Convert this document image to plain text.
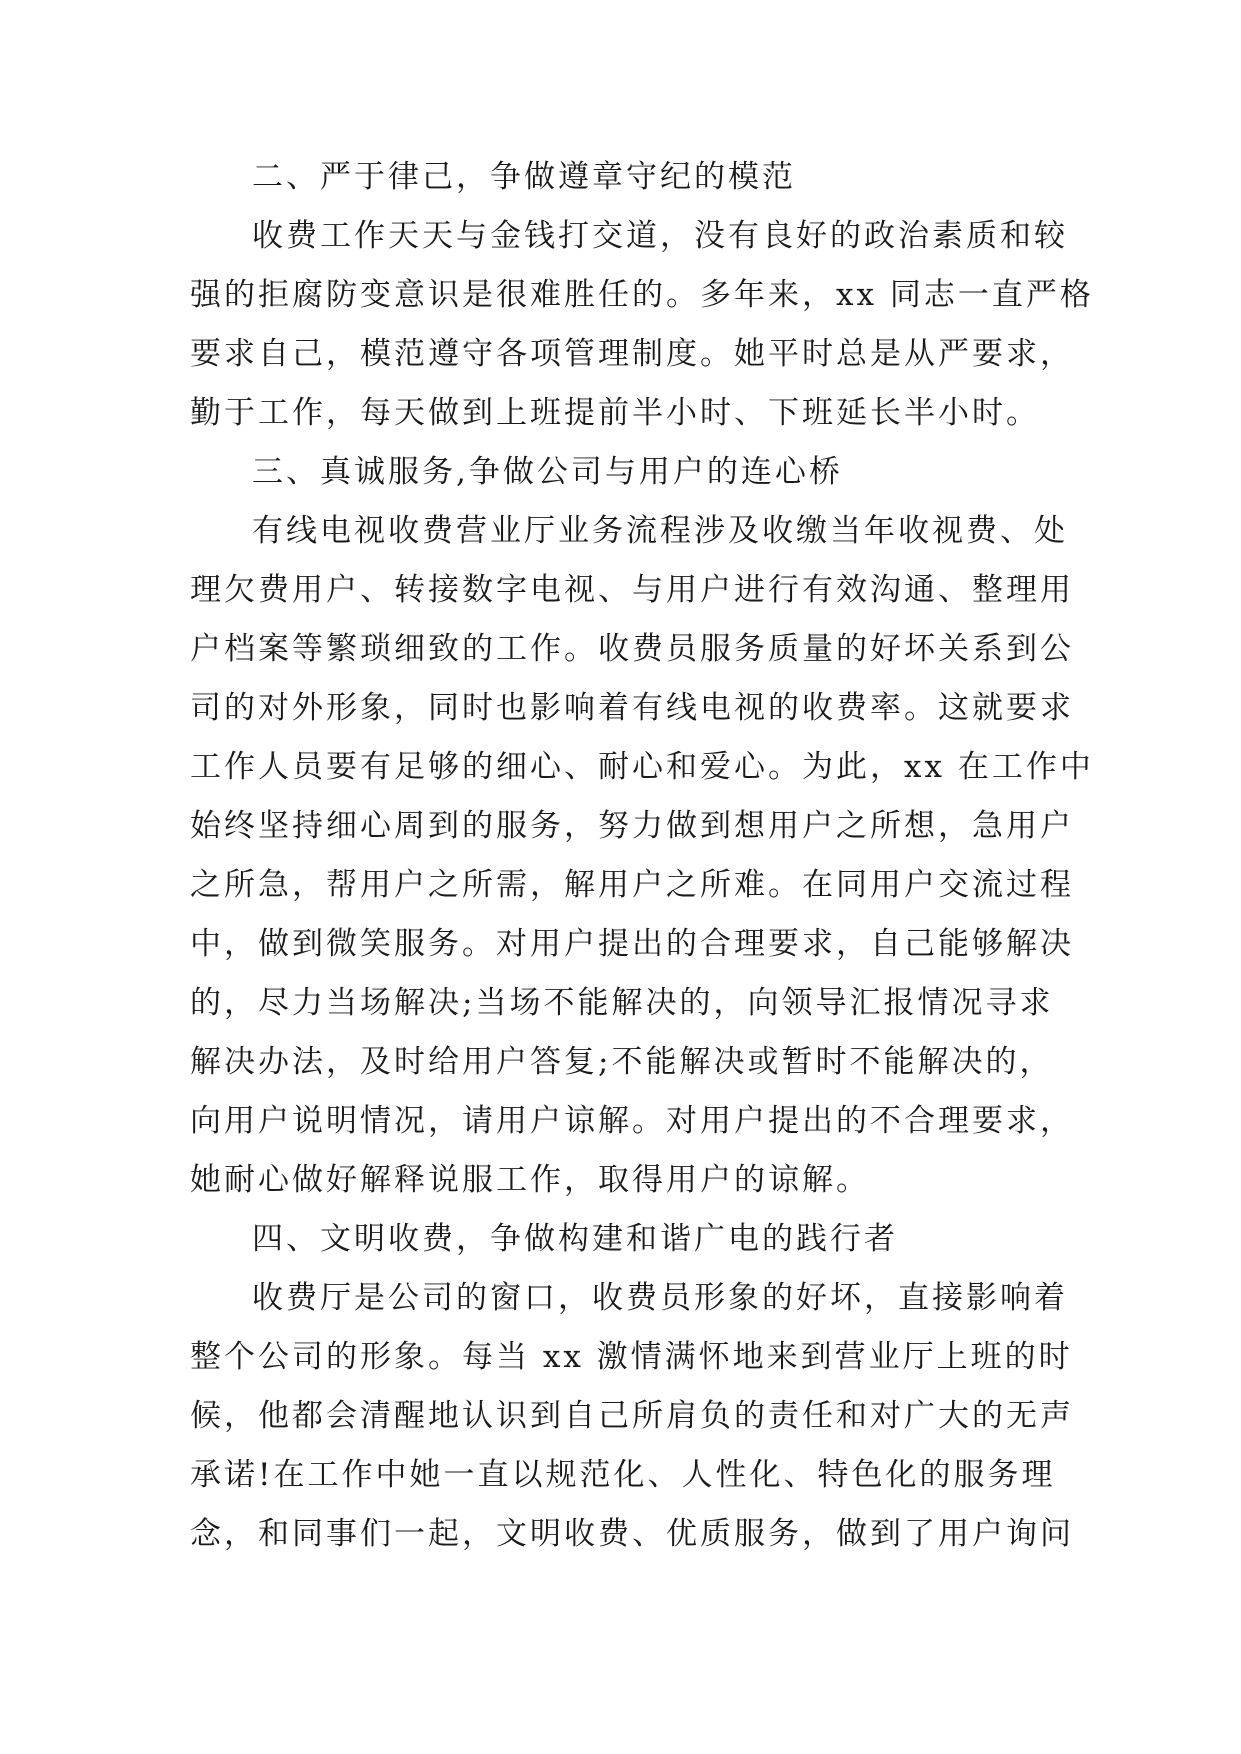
二、严于律己，争做遵章守纪的模范
收费工作天天与金钱打交道，没有良好的政治素质和较
强的拒腐防变意识是很难胜任的。多年来，xx 同志一直严格
要求自己，模范遵守各项管理制度。她平时总是从严要求，
勤于工作，每天做到上班提前半小时、下班延长半小时。
三、真诚服务,争做公司与用户的连心桥
有线电视收费营业厅业务流程涉及收缴当年收视费、处
理欠费用户、转接数字电视、与用户进行有效沟通、整理用
户档案等繁琐细致的工作。收费员服务质量的好坏关系到公
司的对外形象，同时也影响着有线电视的收费率。这就要求
工作人员要有足够的细心、耐心和爱心。为此，xx 在工作中
始终坚持细心周到的服务，努力做到想用户之所想，急用户
之所急，帮用户之所需，解用户之所难。在同用户交流过程
中，做到微笑服务。对用户提出的合理要求，自己能够解决
的，尽力当场解决;当场不能解决的，向领导汇报情况寻求
解决办法，及时给用户答复;不能解决或暂时不能解决的，
向用户说明情况，请用户谅解。对用户提出的不合理要求，
她耐心做好解释说服工作，取得用户的谅解。
四、文明收费，争做构建和谐广电的践行者
收费厅是公司的窗口，收费员形象的好坏，直接影响着
整个公司的形象。每当 xx 激情满怀地来到营业厅上班的时
候，他都会清醒地认识到自己所肩负的责任和对广大的无声
承诺!在工作中她一直以规范化、人性化、特色化的服务理
念，和同事们一起，文明收费、优质服务，做到了用户询问
